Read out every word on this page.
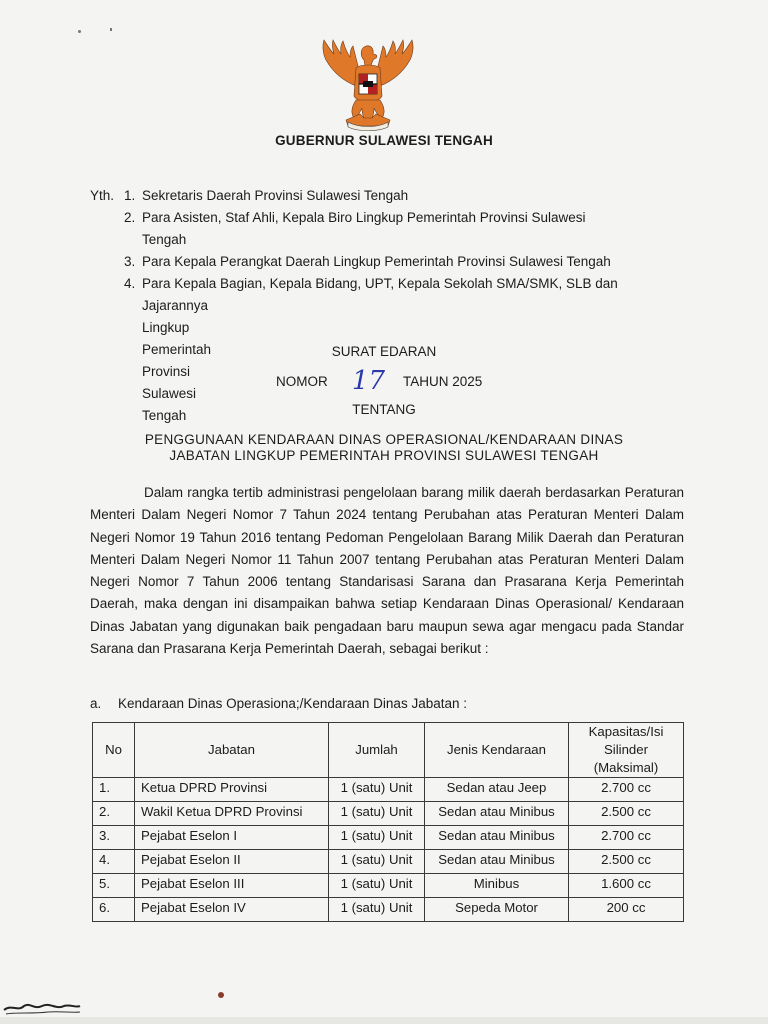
GUBERNUR SULAWESI TENGAH
Yth. 1. Sekretaris Daerah Provinsi Sulawesi Tengah
2. Para Asisten, Staf Ahli, Kepala Biro Lingkup Pemerintah Provinsi Sulawesi
Tengah
3. Para Kepala Perangkat Daerah Lingkup Pemerintah Provinsi Sulawesi Tengah
4. Para Kepala Bagian, Kepala Bidang, UPT, Kepala Sekolah SMA/SMK, SLB dan
Jajarannya Lingkup Pemerintah Provinsi Sulawesi Tengah
SURAT EDARAN
NOMOR 17 TAHUN 2025
TENTANG
PENGGUNAAN KENDARAAN DINAS OPERASIONAL/KENDARAAN DINAS
JABATAN LINGKUP PEMERINTAH PROVINSI SULAWESI TENGAH
Dalam rangka tertib administrasi pengelolaan barang milik daerah berdasarkan Peraturan Menteri Dalam Negeri Nomor 7 Tahun 2024 tentang Perubahan atas Peraturan Menteri Dalam Negeri Nomor 19 Tahun 2016 tentang Pedoman Pengelolaan Barang Milik Daerah dan Peraturan Menteri Dalam Negeri Nomor 11 Tahun 2007 tentang Perubahan atas Peraturan Menteri Dalam Negeri Nomor 7 Tahun 2006 tentang Standarisasi Sarana dan Prasarana Kerja Pemerintah Daerah, maka dengan ini disampaikan bahwa setiap Kendaraan Dinas Operasional/ Kendaraan Dinas Jabatan yang digunakan baik pengadaan baru maupun sewa agar mengacu pada Standar Sarana dan Prasarana Kerja Pemerintah Daerah, sebagai berikut :
a. Kendaraan Dinas Operasiona;/Kendaraan Dinas Jabatan :
No	Jabatan	Jumlah	Jenis Kendaraan	Kapasitas/Isi
Silinder
(Maksimal)

1.	Ketua DPRD Provinsi	1 (satu) Unit	Sedan atau Jeep	2.700 cc
2.	Wakil Ketua DPRD Provinsi	1 (satu) Unit	Sedan atau Minibus	2.500 cc
3.	Pejabat Eselon I	1 (satu) Unit	Sedan atau Minibus	2.700 cc
4.	Pejabat Eselon II	1 (satu) Unit	Sedan atau Minibus	2.500 cc
5.	Pejabat Eselon III	1 (satu) Unit	Minibus	1.600 cc
6.	Pejabat Eselon IV	1 (satu) Unit	Sepeda Motor	200 cc
